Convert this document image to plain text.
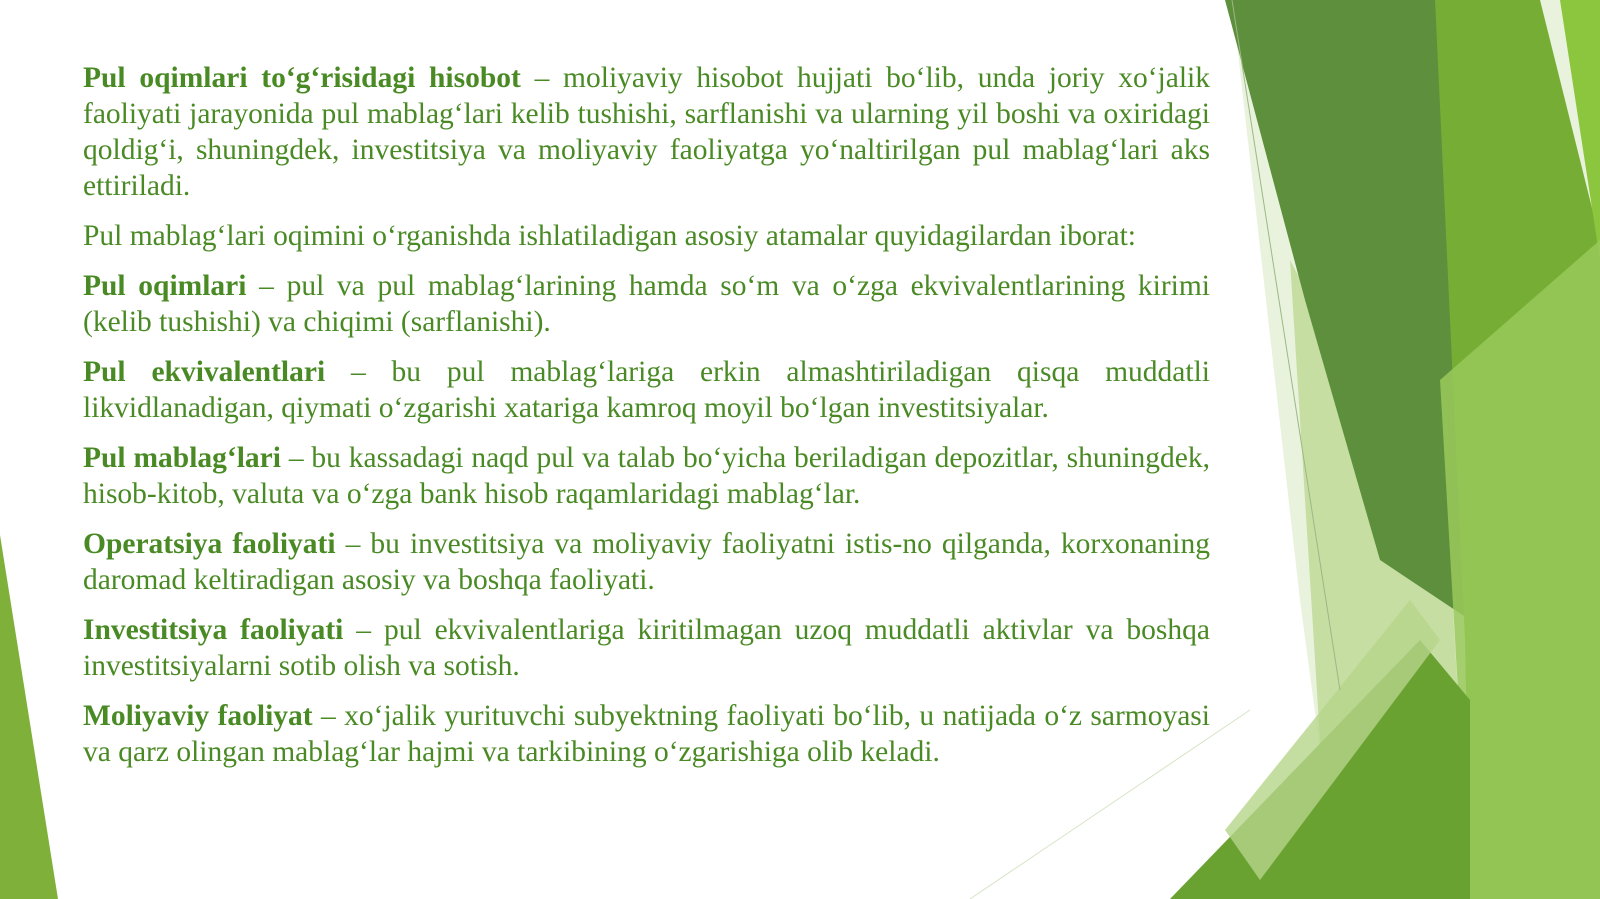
Pul oqimlari to‘g‘risidagi hisobot – moliyaviy hisobot hujjati bo‘lib, unda joriy xo‘jalik faoliyati jarayonida pul mablag‘lari kelib tushishi, sarflanishi va ularning yil boshi va oxiridagi qoldig‘i, shuningdek, investitsiya va moliyaviy faoliyatga yo‘naltirilgan pul mablag‘lari aks ettiriladi.

Pul mablag‘lari oqimini o‘rganishda ishlatiladigan asosiy atamalar quyidagilardan iborat:

Pul oqimlari – pul va pul mablag‘larining hamda so‘m va o‘zga ekvivalentlarining kirimi (kelib tushishi) va chiqimi (sarflanishi).

Pul ekvivalentlari – bu pul mablag‘lariga erkin almashtiriladigan qisqa muddatli likvidlanadigan, qiymati o‘zgarishi xatariga kamroq moyil bo‘lgan investitsiyalar.

Pul mablag‘lari – bu kassadagi naqd pul va talab bo‘yicha beriladigan depozitlar, shuningdek, hisob-kitob, valuta va o‘zga bank hisob raqamlaridagi mablag‘lar.

Operatsiya faoliyati – bu investitsiya va moliyaviy faoliyatni istis-no qilganda, korxonaning daromad keltiradigan asosiy va boshqa faoliyati.

Investitsiya faoliyati – pul ekvivalentlariga kiritilmagan uzoq muddatli aktivlar va boshqa investitsiyalarni sotib olish va sotish.

Moliyaviy faoliyat – xo‘jalik yurituvchi subyektning faoliyati bo‘lib, u natijada o‘z sarmoyasi va qarz olingan mablag‘lar hajmi va tarkibining o‘zgarishiga olib keladi.
